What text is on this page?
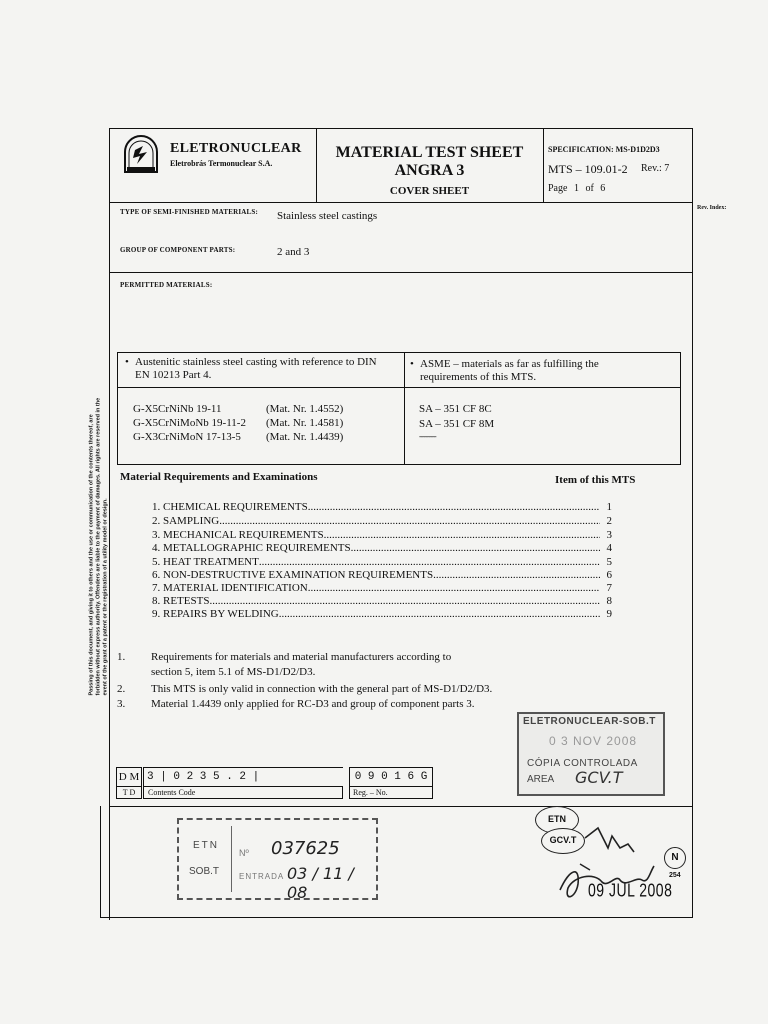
ELETRONUCLEAR
Eletrobrás Termonuclear S.A.
MATERIAL TEST SHEET
ANGRA 3
COVER SHEET
SPECIFICATION: MS-D1D2D3
MTS – 109.01-2 Rev.: 7
Page 1 of 6
TYPE OF SEMI-FINISHED MATERIALS: Stainless steel castings
GROUP OF COMPONENT PARTS:	2 and 3
Rev. Index:
PERMITTED MATERIALS:
• Austenitic stainless steel casting with reference to DIN
EN 10213 Part 4.
• ASME – materials as far as fulfilling the
requirements of this MTS.
G-X5CrNiNb 19-11	(Mat. Nr. 1.4552)
G-X5CrNiMoNb 19-11-2 (Mat. Nr. 1.4581)
G-X3CrNiMoN 17-13-5 (Mat. Nr. 1.4439)
SA – 351 CF 8C
SA – 351 CF 8M
----------
Material Requirements and Examinations	Item of this MTS
1. CHEMICAL REQUIREMENTS .....	1
2. SAMPLING .....	2
3. MECHANICAL REQUIREMENTS .....	3
4. METALLOGRAPHIC REQUIREMENTS .....	4
5. HEAT TREATMENT .....	5
6. NON-DESTRUCTIVE EXAMINATION REQUIREMENTS .....	6
7. MATERIAL IDENTIFICATION .....	7
8. RETESTS .....	8
9. REPAIRS BY WELDING .....	9
1. Requirements for materials and material manufacturers according to
section 5, item 5.1 of MS-D1/D2/D3.
2. This MTS is only valid in connection with the general part of MS-D1/D2/D3.
3. Material 1.4439 only applied for RC-D3 and group of component parts 3.
Passing of this document, and giving it to others and the use or communication of the contents thereof, are forbidden without express authority. Offenders are liable to the payment of damages. All rights are reserved in the event of the grant of a patent or the registration of a utility model or design.
D M 3 | 0 2 3 5 . 2 |	0 9 0 1 6 G
T D	Contents Code	Reg. – No.
ELETRONUCLEAR-SOB.T
0 3 NOV 2008
CÓPIA CONTROLADA
AREA GCV.T
ETN
SOB.T
Nº 037625
ENTRADA 03 / 11 / 08
ETN
GCV.T
N
254
09 JUL 2008
